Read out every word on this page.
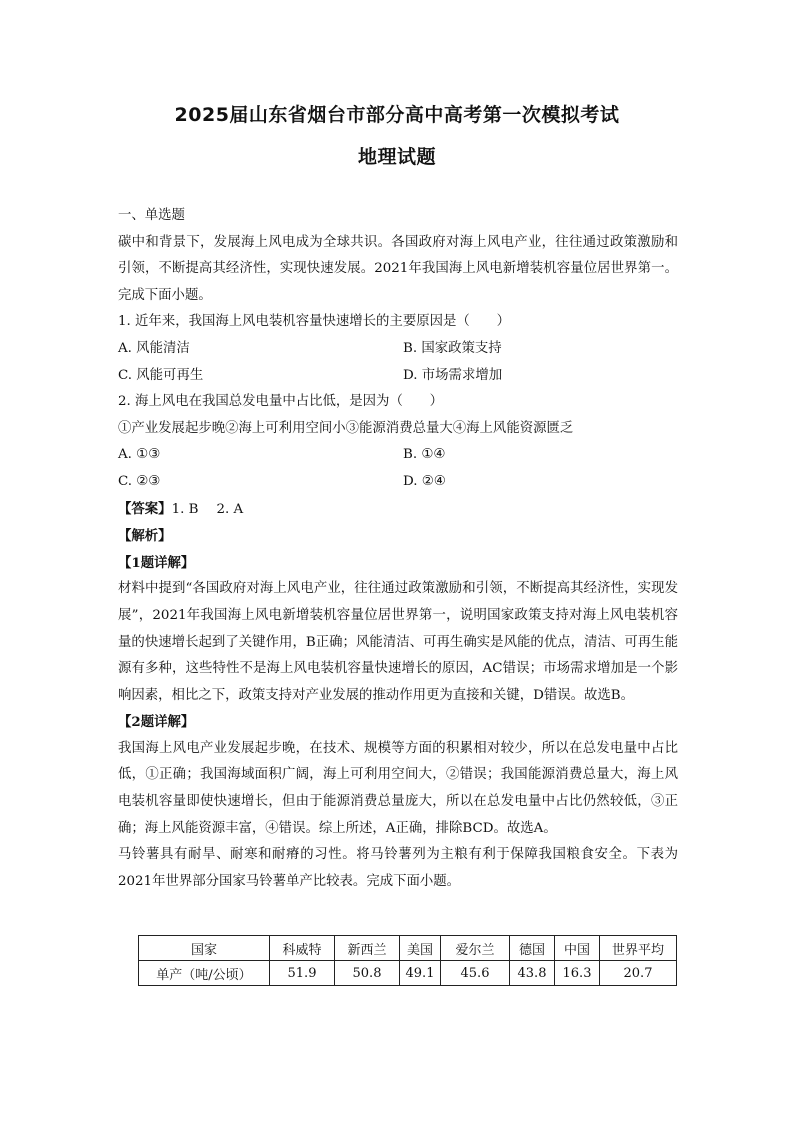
2025届山东省烟台市部分高中高考第一次模拟考试
地理试题

一、单选题

碳中和背景下，发展海上风电成为全球共识。各国政府对海上风电产业，往往通过政策激励和引领，不断提高其经济性，实现快速发展。2021年我国海上风电新增装机容量位居世界第一。完成下面小题。

1. 近年来，我国海上风电装机容量快速增长的主要原因是（　　）

A. 风能清洁	B. 国家政策支持
C. 风能可再生	D. 市场需求增加

2. 海上风电在我国总发电量中占比低，是因为（　　）

①产业发展起步晚②海上可利用空间小③能源消费总量大④海上风能资源匮乏

A. ①③	B. ①④
C. ②③	D. ②④

【答案】1. B 2. A

【解析】

【1题详解】

材料中提到“各国政府对海上风电产业，往往通过政策激励和引领，不断提高其经济性，实现发展”，2021年我国海上风电新增装机容量位居世界第一，说明国家政策支持对海上风电装机容量的快速增长起到了关键作用，B正确；风能清洁、可再生确实是风能的优点，清洁、可再生能源有多种，这些特性不是海上风电装机容量快速增长的原因，AC错误；市场需求增加是一个影响因素，相比之下，政策支持对产业发展的推动作用更为直接和关键，D错误。故选B。

【2题详解】

我国海上风电产业发展起步晚，在技术、规模等方面的积累相对较少，所以在总发电量中占比低，①正确；我国海域面积广阔，海上可利用空间大，②错误；我国能源消费总量大，海上风电装机容量即使快速增长，但由于能源消费总量庞大，所以在总发电量中占比仍然较低，③正确；海上风能资源丰富，④错误。综上所述，A正确，排除BCD。故选A。

马铃薯具有耐旱、耐寒和耐瘠的习性。将马铃薯列为主粮有利于保障我国粮食安全。下表为2021年世界部分国家马铃薯单产比较表。完成下面小题。

国家	科威特	新西兰	美国	爱尔兰	德国	中国	世界平均
单产（吨/公顷）	51.9	50.8	49.1	45.6	43.8	16.3	20.7
